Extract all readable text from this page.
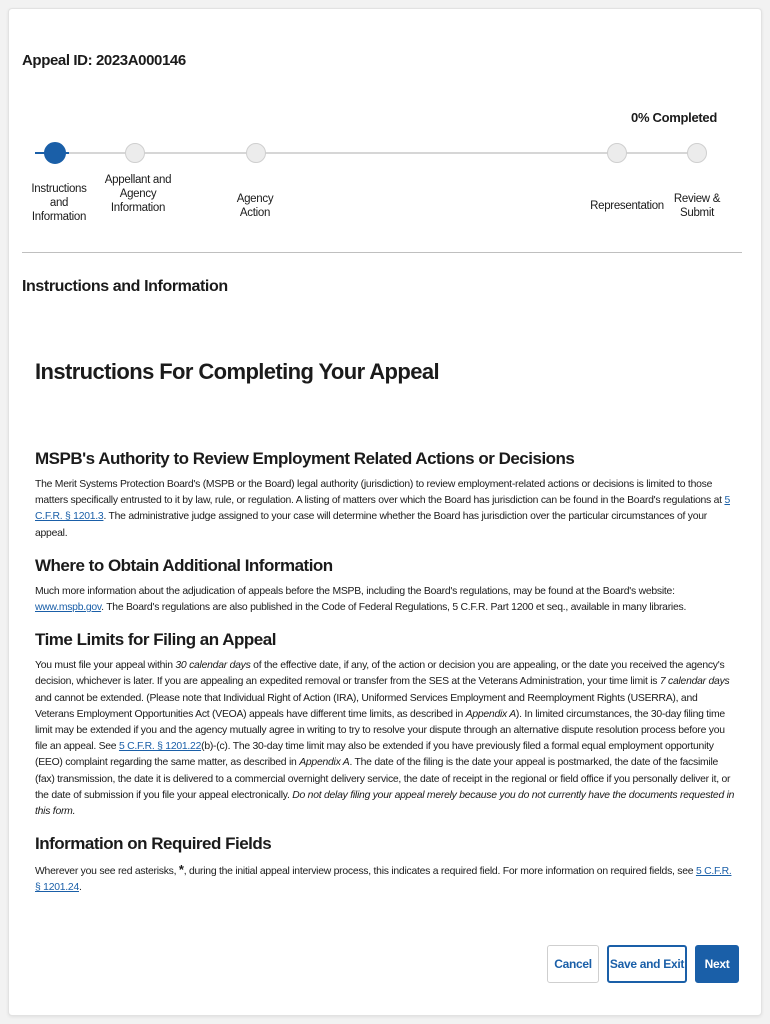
Appeal ID: 2023A000146
0% Completed
Instructions and Information
Appellant and Agency Information
Agency Action
Representation
Review & Submit
Instructions and Information
Instructions For Completing Your Appeal
MSPB's Authority to Review Employment Related Actions or Decisions

The Merit Systems Protection Board's (MSPB or the Board) legal authority (jurisdiction) to review employment-related actions or decisions is limited to those matters specifically entrusted to it by law, rule, or regulation. A listing of matters over which the Board has jurisdiction can be found in the Board's regulations at 5 C.F.R. § 1201.3. The administrative judge assigned to your case will determine whether the Board has jurisdiction over the particular circumstances of your appeal.

Where to Obtain Additional Information

Much more information about the adjudication of appeals before the MSPB, including the Board's regulations, may be found at the Board's website: www.mspb.gov. The Board's regulations are also published in the Code of Federal Regulations, 5 C.F.R. Part 1200 et seq., available in many libraries.

Time Limits for Filing an Appeal

You must file your appeal within 30 calendar days of the effective date, if any, of the action or decision you are appealing, or the date you received the agency's decision, whichever is later. If you are appealing an expedited removal or transfer from the SES at the Veterans Administration, your time limit is 7 calendar days and cannot be extended. (Please note that Individual Right of Action (IRA), Uniformed Services Employment and Reemployment Rights (USERRA), and Veterans Employment Opportunities Act (VEOA) appeals have different time limits, as described in Appendix A). In limited circumstances, the 30-day filing time limit may be extended if you and the agency mutually agree in writing to try to resolve your dispute through an alternative dispute resolution process before you file an appeal. See 5 C.F.R. § 1201.22(b)-(c). The 30-day time limit may also be extended if you have previously filed a formal equal employment opportunity (EEO) complaint regarding the same matter, as described in Appendix A. The date of the filing is the date your appeal is postmarked, the date of the facsimile (fax) transmission, the date it is delivered to a commercial overnight delivery service, the date of receipt in the regional or field office if you personally deliver it, or the date of submission if you file your appeal electronically. Do not delay filing your appeal merely because you do not currently have the documents requested in this form.

Information on Required Fields

Wherever you see red asterisks, *, during the initial appeal interview process, this indicates a required field. For more information on required fields, see 5 C.F.R. § 1201.24.

Cancel	Save and Exit	Next
